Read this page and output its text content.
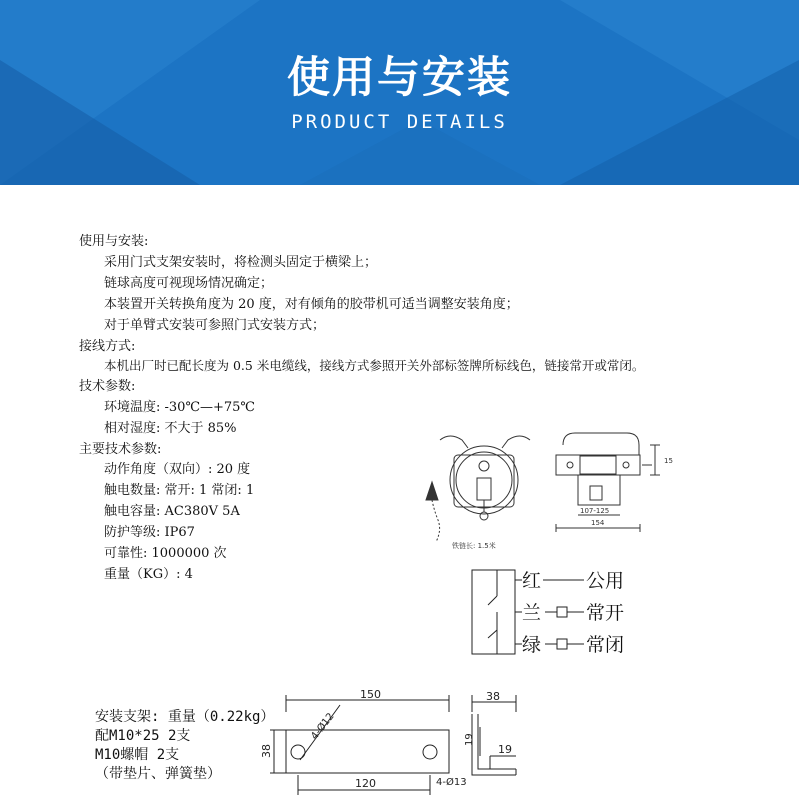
使用与安装
PRODUCT DETAILS
使用与安装:
采用门式支架安装时，将检测头固定于横梁上；
链球高度可视现场情况确定；
本装置开关转换角度为 20 度，对有倾角的胶带机可适当调整安装角度；
对于单臂式安装可参照门式安装方式；
接线方式:
本机出厂时已配长度为 0.5 米电缆线，接线方式参照开关外部标签牌所标线色，链接常开或常闭。
技术参数:
环境温度: -30℃—+75℃
相对湿度: 不大于 85%
主要技术参数:
动作角度（双向）: 20 度
触电数量: 常开: 1 常闭: 1
触电容量: AC380V 5A
防护等级: IP67
可靠性: 1000000 次
重量（KG）: 4
铁链长: 1.5米
107-125
154
15
红 公用
兰 常开
绿 常闭
150
4-Ø12
38
120
38
19
19
4-Ø13
安装支架: 重量（0.22kg）
配M10*25 2支
M10螺帽 2支
（带垫片、弹簧垫）
